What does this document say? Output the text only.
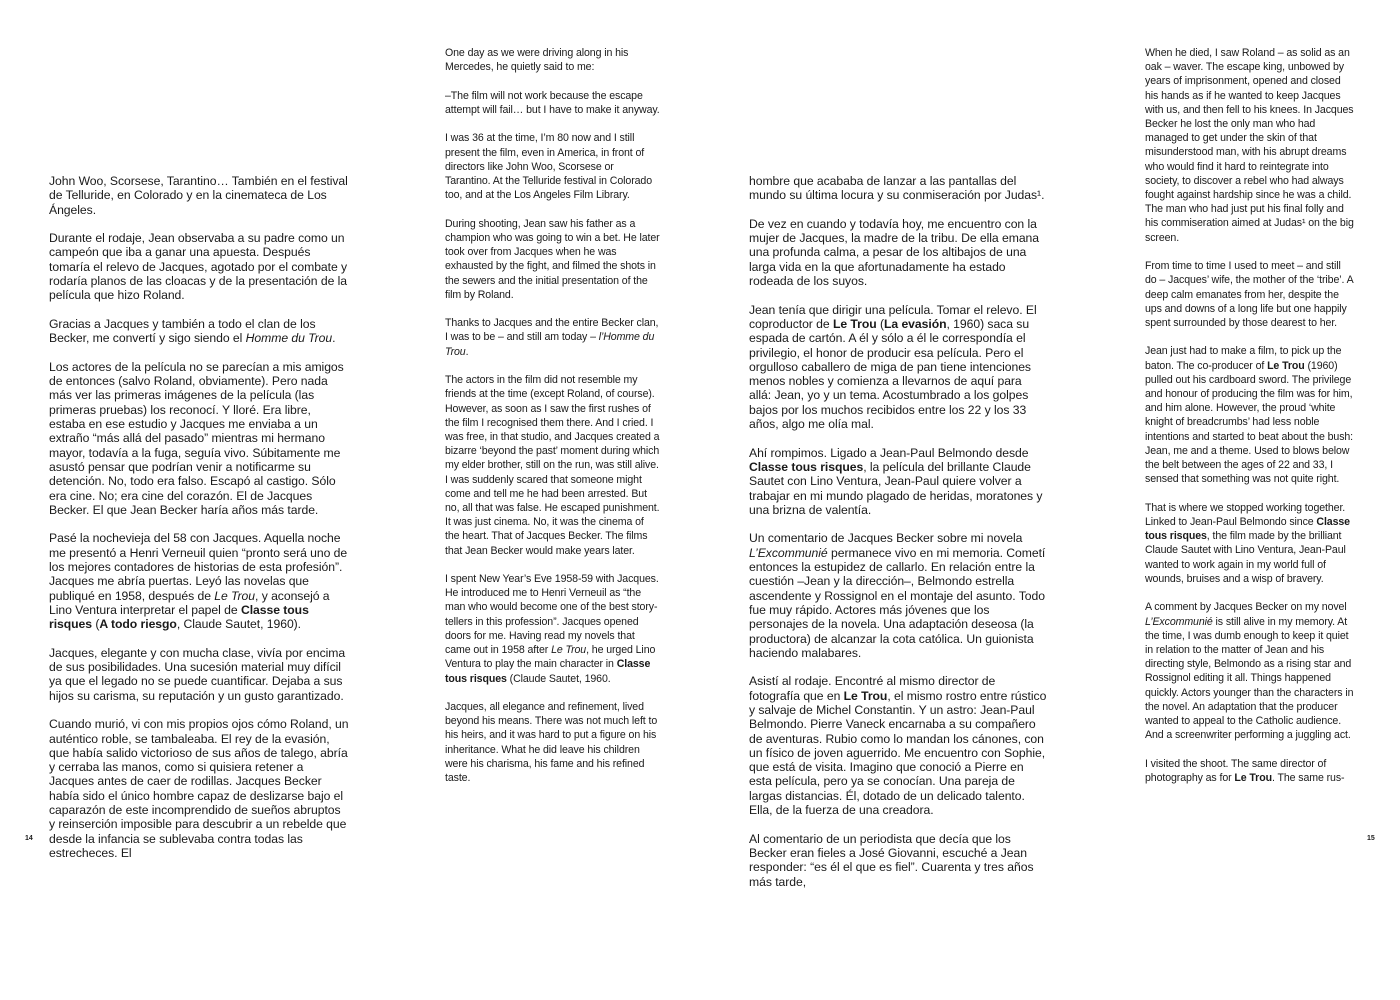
John Woo, Scorsese, Tarantino… También en el festival de Telluride, en Colorado y en la cinemateca de Los Ángeles.

Durante el rodaje, Jean observaba a su padre como un campeón que iba a ganar una apuesta. Después tomaría el relevo de Jacques, agotado por el combate y rodaría planos de las cloacas y de la presentación de la película que hizo Roland.

Gracias a Jacques y también a todo el clan de los Becker, me convertí y sigo siendo el Homme du Trou.

Los actores de la película no se parecían a mis amigos de entonces (salvo Roland, obviamente). Pero nada más ver las primeras imágenes de la película (las primeras pruebas) los reconocí. Y lloré. Era libre, estaba en ese estudio y Jacques me enviaba a un extraño “más allá del pasado” mientras mi hermano mayor, todavía a la fuga, seguía vivo. Súbitamente me asustó pensar que podrían venir a notificarme su detención. No, todo era falso. Escapó al castigo. Sólo era cine. No; era cine del corazón. El de Jacques Becker. El que Jean Becker haría años más tarde.

Pasé la nochevieja del 58 con Jacques. Aquella noche me presentó a Henri Verneuil quien “pronto será uno de los mejores contadores de historias de esta profesión”. Jacques me abría puertas. Leyó las novelas que publiqué en 1958, después de Le Trou, y aconsejó a Lino Ventura interpretar el papel de Classe tous risques (A todo riesgo, Claude Sautet, 1960).

Jacques, elegante y con mucha clase, vivía por encima de sus posibilidades. Una sucesión material muy difícil ya que el legado no se puede cuantificar. Dejaba a sus hijos su carisma, su reputación y un gusto garantizado.

Cuando murió, vi con mis propios ojos cómo Roland, un auténtico roble, se tambaleaba. El rey de la evasión, que había salido victorioso de sus años de talego, abría y cerraba las manos, como si quisiera retener a Jacques antes de caer de rodillas. Jacques Becker había sido el único hombre capaz de deslizarse bajo el caparazón de este incomprendido de sueños abruptos y reinserción imposible para descubrir a un rebelde que desde la infancia se sublevaba contra todas las estrecheces. El

One day as we were driving along in his Mercedes, he quietly said to me:

–The film will not work because the escape attempt will fail… but I have to make it anyway.

I was 36 at the time, I’m 80 now and I still present the film, even in America, in front of directors like John Woo, Scorsese or Tarantino. At the Telluride festival in Colorado too, and at the Los Angeles Film Library.

During shooting, Jean saw his father as a champion who was going to win a bet. He later took over from Jacques when he was exhausted by the fight, and filmed the shots in the sewers and the initial presentation of the film by Roland.

Thanks to Jacques and the entire Becker clan, I was to be – and still am today – l’Homme du Trou.

The actors in the film did not resemble my friends at the time (except Roland, of course). However, as soon as I saw the first rushes of the film I recognised them there. And I cried. I was free, in that studio, and Jacques created a bizarre ‘beyond the past’ moment during which my elder brother, still on the run, was still alive. I was suddenly scared that someone might come and tell me he had been arrested. But no, all that was false. He escaped punishment. It was just cinema. No, it was the cinema of the heart. That of Jacques Becker. The films that Jean Becker would make years later.

I spent New Year’s Eve 1958-59 with Jacques. He introduced me to Henri Verneuil as “the man who would become one of the best story-tellers in this profession”. Jacques opened doors for me. Having read my novels that came out in 1958 after Le Trou, he urged Lino Ventura to play the main character in Classe tous risques (Claude Sautet, 1960.

Jacques, all elegance and refinement, lived beyond his means. There was not much left to his heirs, and it was hard to put a figure on his inheritance. What he did leave his children were his charisma, his fame and his refined taste.

hombre que acababa de lanzar a las pantallas del mundo su última locura y su conmiseración por Judas¹.

De vez en cuando y todavía hoy, me encuentro con la mujer de Jacques, la madre de la tribu. De ella emana una profunda calma, a pesar de los altibajos de una larga vida en la que afortunadamente ha estado rodeada de los suyos.

Jean tenía que dirigir una película. Tomar el relevo. El coproductor de Le Trou (La evasión, 1960) saca su espada de cartón. A él y sólo a él le correspondía el privilegio, el honor de producir esa película. Pero el orgulloso caballero de miga de pan tiene intenciones menos nobles y comienza a llevarnos de aquí para allá: Jean, yo y un tema. Acostumbrado a los golpes bajos por los muchos recibidos entre los 22 y los 33 años, algo me olía mal.

Ahí rompimos. Ligado a Jean-Paul Belmondo desde Classe tous risques, la película del brillante Claude Sautet con Lino Ventura, Jean-Paul quiere volver a trabajar en mi mundo plagado de heridas, moratones y una brizna de valentía.

Un comentario de Jacques Becker sobre mi novela L’Excommunié permanece vivo en mi memoria. Cometí entonces la estupidez de callarlo. En relación entre la cuestión –Jean y la dirección–, Belmondo estrella ascendente y Rossignol en el montaje del asunto. Todo fue muy rápido. Actores más jóvenes que los personajes de la novela. Una adaptación deseosa (la productora) de alcanzar la cota católica. Un guionista haciendo malabares.

Asistí al rodaje. Encontré al mismo director de fotografía que en Le Trou, el mismo rostro entre rústico y salvaje de Michel Constantin. Y un astro: Jean-Paul Belmondo. Pierre Vaneck encarnaba a su compañero de aventuras. Rubio como lo mandan los cánones, con un físico de joven aguerrido. Me encuentro con Sophie, que está de visita. Imagino que conoció a Pierre en esta película, pero ya se conocían. Una pareja de largas distancias. Él, dotado de un delicado talento. Ella, de la fuerza de una creadora.

Al comentario de un periodista que decía que los Becker eran fieles a José Giovanni, escuché a Jean responder: “es él el que es fiel”. Cuarenta y tres años más tarde,

When he died, I saw Roland – as solid as an oak – waver. The escape king, unbowed by years of imprisonment, opened and closed his hands as if he wanted to keep Jacques with us, and then fell to his knees. In Jacques Becker he lost the only man who had managed to get under the skin of that misunderstood man, with his abrupt dreams who would find it hard to reintegrate into society, to discover a rebel who had always fought against hardship since he was a child. The man who had just put his final folly and his commiseration aimed at Judas¹ on the big screen.

From time to time I used to meet – and still do – Jacques’ wife, the mother of the ‘tribe’. A deep calm emanates from her, despite the ups and downs of a long life but one happily spent surrounded by those dearest to her.

Jean just had to make a film, to pick up the baton. The co-producer of Le Trou (1960) pulled out his cardboard sword. The privilege and honour of producing the film was for him, and him alone. However, the proud ‘white knight of breadcrumbs’ had less noble intentions and started to beat about the bush: Jean, me and a theme. Used to blows below the belt between the ages of 22 and 33, I sensed that something was not quite right.

That is where we stopped working together. Linked to Jean-Paul Belmondo since Classe tous risques, the film made by the brilliant Claude Sautet with Lino Ventura, Jean-Paul wanted to work again in my world full of wounds, bruises and a wisp of bravery.

A comment by Jacques Becker on my novel L’Excommunié is still alive in my memory. At the time, I was dumb enough to keep it quiet in relation to the matter of Jean and his directing style, Belmondo as a rising star and Rossignol editing it all. Things happened quickly. Actors younger than the characters in the novel. An adaptation that the producer wanted to appeal to the Catholic audience. And a screenwriter performing a juggling act.

I visited the shoot. The same director of photography as for Le Trou. The same rus-

14	15
